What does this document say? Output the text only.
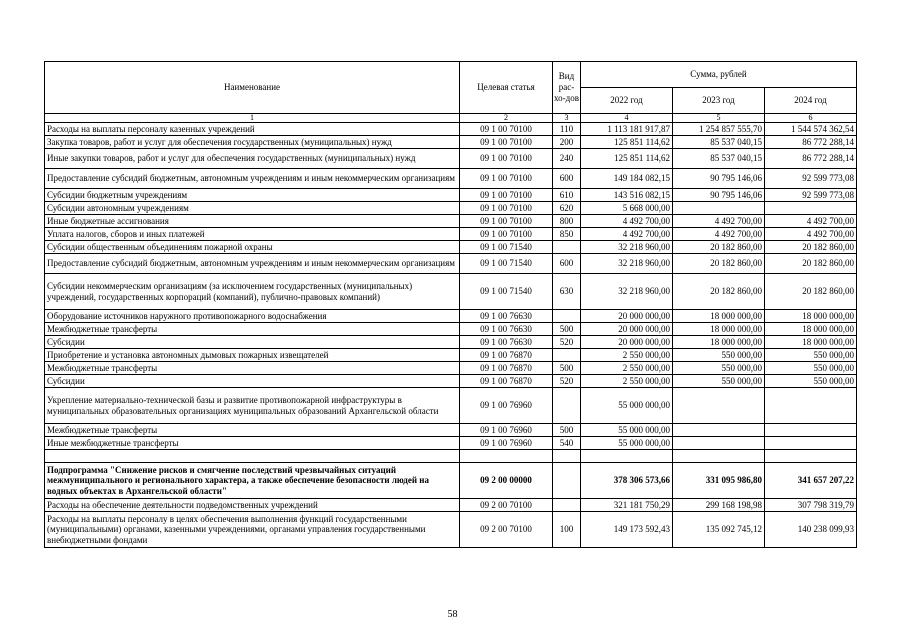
Наименование	Целевая статья	Вид рас-хо-дов	Сумма, рублей		
			2022 год	2023 год	2024 год
1	2	3	4	5	6
Расходы на выплаты персоналу казенных учреждений	09 1 00 70100	110	1 113 181 917,87	1 254 857 555,70	1 544 574 362,54
Закупка товаров, работ и услуг для обеспечения государственных (муниципальных) нужд	09 1 00 70100	200	125 851 114,62	85 537 040,15	86 772 288,14
Иные закупки товаров, работ и услуг для обеспечения государственных (муниципальных) нужд	09 1 00 70100	240	125 851 114,62	85 537 040,15	86 772 288,14
Предоставление субсидий бюджетным, автономным учреждениям и иным некоммерческим организациям	09 1 00 70100	600	149 184 082,15	90 795 146,06	92 599 773,08
Субсидии бюджетным учреждениям	09 1 00 70100	610	143 516 082,15	90 795 146,06	92 599 773,08
Субсидии автономным учреждениям	09 1 00 70100	620	5 668 000,00		
Иные бюджетные ассигнования	09 1 00 70100	800	4 492 700,00	4 492 700,00	4 492 700,00
Уплата налогов, сборов и иных платежей	09 1 00 70100	850	4 492 700,00	4 492 700,00	4 492 700,00
Субсидии общественным объединениям пожарной охраны	09 1 00 71540		32 218 960,00	20 182 860,00	20 182 860,00
Предоставление субсидий бюджетным, автономным учреждениям и иным некоммерческим организациям	09 1 00 71540	600	32 218 960,00	20 182 860,00	20 182 860,00
Субсидии некоммерческим организациям (за исключением государственных (муниципальных) учреждений, государственных корпораций (компаний), публично-правовых компаний)	09 1 00 71540	630	32 218 960,00	20 182 860,00	20 182 860,00
Оборудование источников наружного противопожарного водоснабжения	09 1 00 76630		20 000 000,00	18 000 000,00	18 000 000,00
Межбюджетные трансферты	09 1 00 76630	500	20 000 000,00	18 000 000,00	18 000 000,00
Субсидии	09 1 00 76630	520	20 000 000,00	18 000 000,00	18 000 000,00
Приобретение и установка автономных дымовых пожарных извещателей	09 1 00 76870		2 550 000,00	550 000,00	550 000,00
Межбюджетные трансферты	09 1 00 76870	500	2 550 000,00	550 000,00	550 000,00
Субсидии	09 1 00 76870	520	2 550 000,00	550 000,00	550 000,00
Укрепление материально-технической базы и развитие противопожарной инфраструктуры в муниципальных образовательных организациях муниципальных образований Архангельской области	09 1 00 76960		55 000 000,00		
Межбюджетные трансферты	09 1 00 76960	500	55 000 000,00		
Иные межбюджетные трансферты	09 1 00 76960	540	55 000 000,00		

Подпрограмма "Снижение рисков и смягчение последствий чрезвычайных ситуаций межмуниципального и регионального характера, а также обеспечение безопасности людей на водных объектах в Архангельской области"	09 2 00 00000		378 306 573,66	331 095 986,80	341 657 207,22
Расходы на обеспечение деятельности подведомственных учреждений	09 2 00 70100		321 181 750,29	299 168 198,98	307 798 319,79
Расходы на выплаты персоналу в целях обеспечения выполнения функций государственными (муниципальными) органами, казенными учреждениями, органами управления государственными внебюджетными фондами	09 2 00 70100	100	149 173 592,43	135 092 745,12	140 238 099,93
58
